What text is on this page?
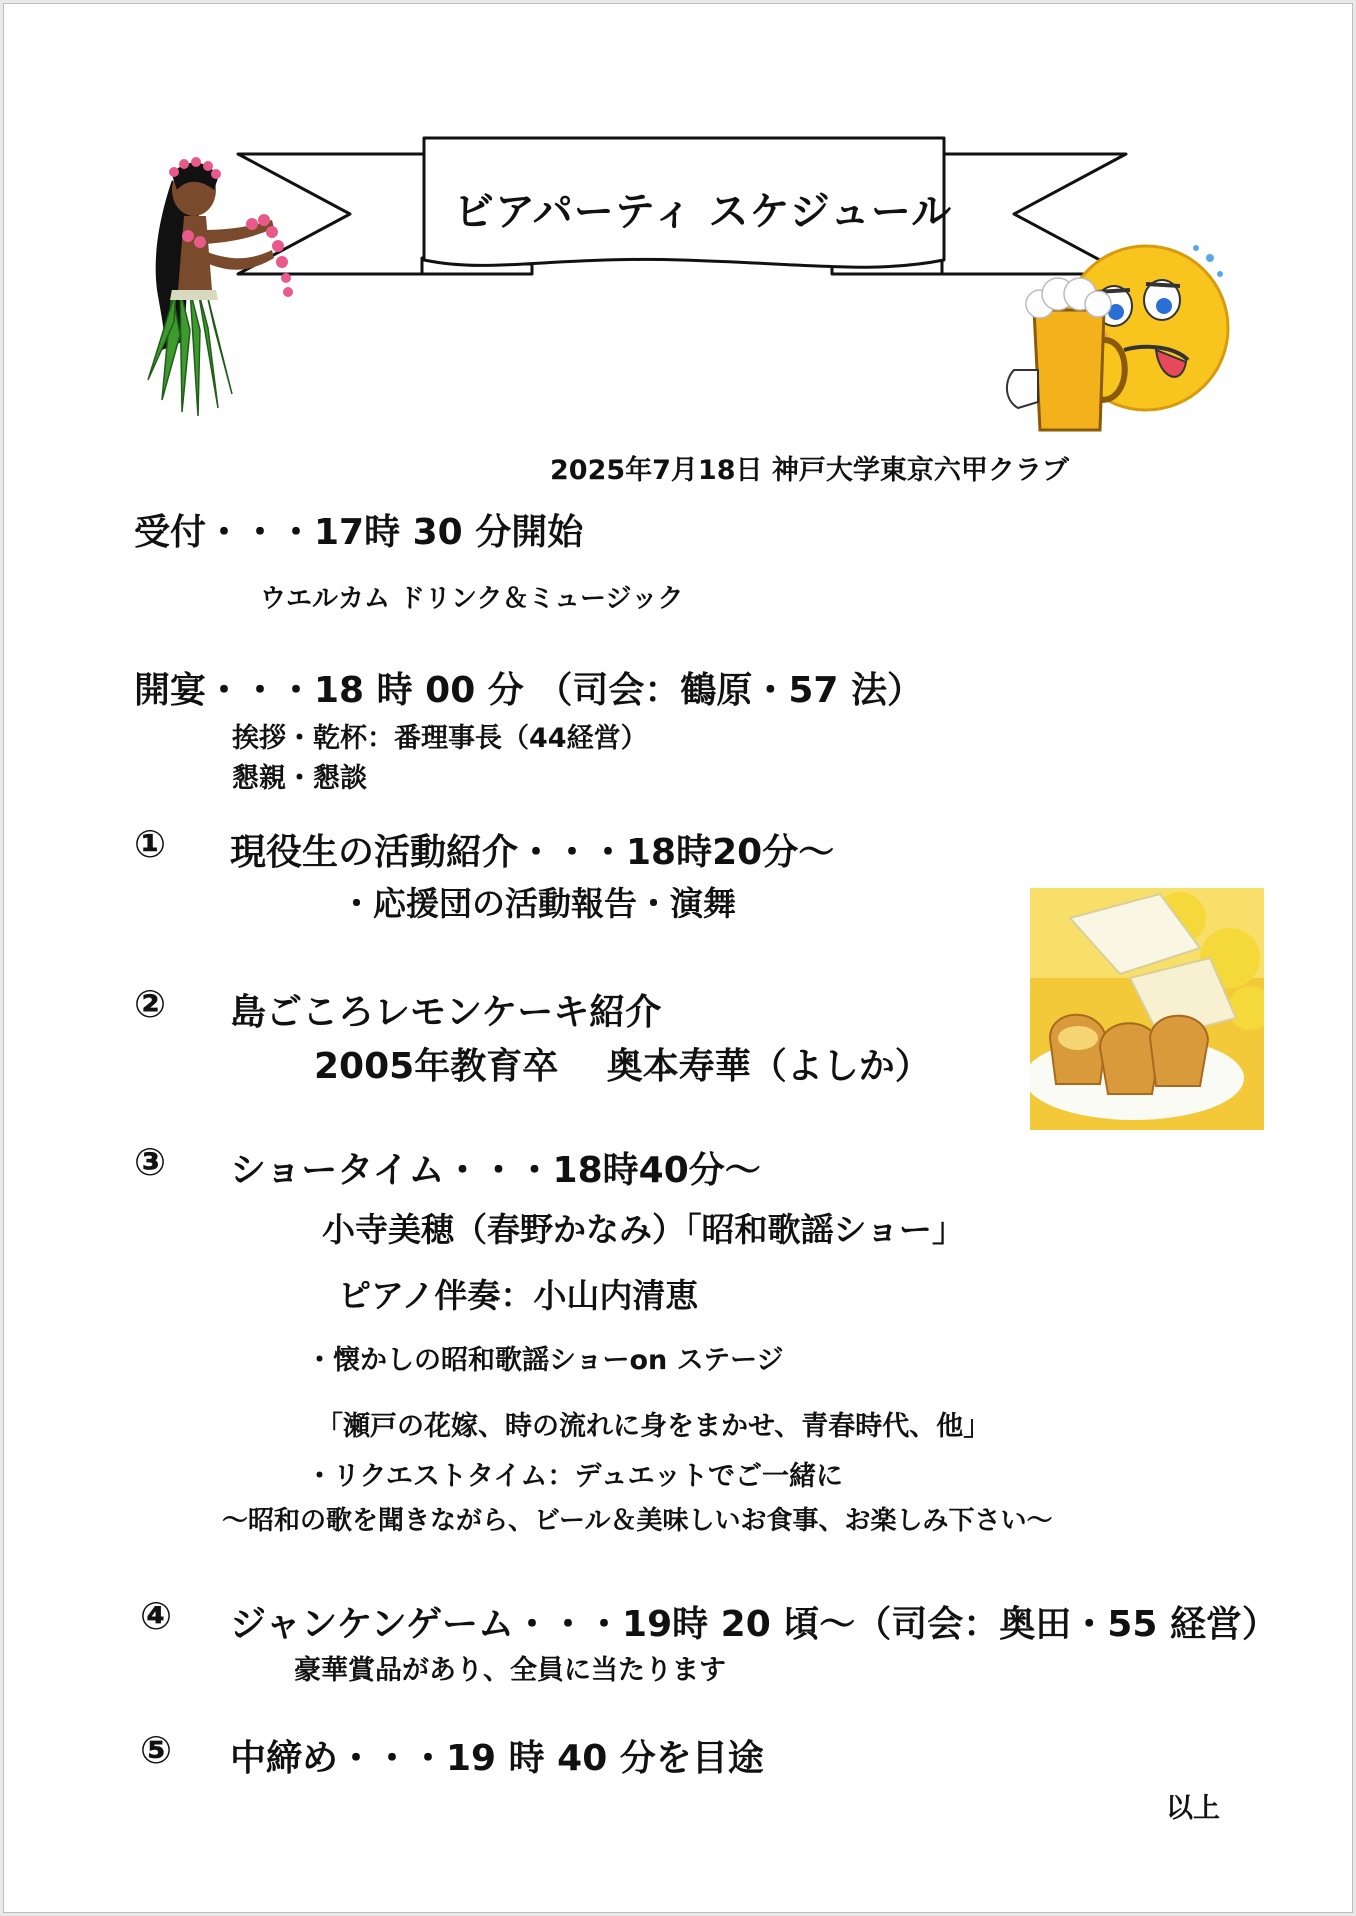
ビアパーティ スケジュール
2025年7月18日 神戸大学東京六甲クラブ
受付・・・17時 30 分開始
ウエルカム ドリンク＆ミュージック
開宴・・・18 時 00 分 （司会：鶴原・57 法）
挨拶・乾杯：番理事長（44経営）
懇親・懇談
① 現役生の活動紹介・・・18時20分～
・応援団の活動報告・演舞
② 島ごころレモンケーキ紹介
2005年教育卒　 奥本寿華（よしか）
③ ショータイム・・・18時40分～
小寺美穂（春野かなみ）「昭和歌謡ショー」
ピアノ伴奏：小山内清恵
・懐かしの昭和歌謡ショーon ステージ
「瀬戸の花嫁、時の流れに身をまかせ、青春時代、他」
・リクエストタイム：デュエットでご一緒に
～昭和の歌を聞きながら、ビール＆美味しいお食事、お楽しみ下さい～
④ ジャンケンゲーム・・・19時 20 頃～（司会：奥田・55 経営）
豪華賞品があり、全員に当たります
⑤ 中締め・・・19 時 40 分を目途
以上
